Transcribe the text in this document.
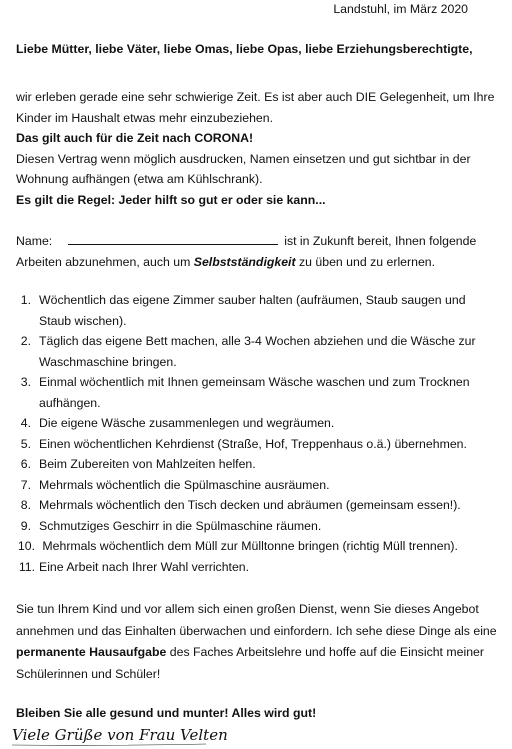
Landstuhl, im März 2020
Liebe Mütter, liebe Väter, liebe Omas, liebe Opas, liebe Erziehungsberechtigte,
wir erleben gerade eine sehr schwierige Zeit. Es ist aber auch DIE Gelegenheit, um Ihre
Kinder im Haushalt etwas mehr einzubeziehen.
Das gilt auch für die Zeit nach CORONA!
Diesen Vertrag wenn möglich ausdrucken, Namen einsetzen und gut sichtbar in der
Wohnung aufhängen (etwa am Kühlschrank).
Es gilt die Regel: Jeder hilft so gut er oder sie kann...
Name:	ist in Zukunft bereit, Ihnen folgende
Arbeiten abzunehmen, auch um Selbstständigkeit zu üben und zu erlernen.
1. Wöchentlich das eigene Zimmer sauber halten (aufräumen, Staub saugen und
Staub wischen).
2. Täglich das eigene Bett machen, alle 3-4 Wochen abziehen und die Wäsche zur
Waschmaschine bringen.
3. Einmal wöchentlich mit Ihnen gemeinsam Wäsche waschen und zum Trocknen
aufhängen.
4. Die eigene Wäsche zusammenlegen und wegräumen.
5. Einen wöchentlichen Kehrdienst (Straße, Hof, Treppenhaus o.ä.) übernehmen.
6. Beim Zubereiten von Mahlzeiten helfen.
7. Mehrmals wöchentlich die Spülmaschine ausräumen.
8. Mehrmals wöchentlich den Tisch decken und abräumen (gemeinsam essen!).
9. Schmutziges Geschirr in die Spülmaschine räumen.
10. Mehrmals wöchentlich dem Müll zur Mülltonne bringen (richtig Müll trennen).
11. Eine Arbeit nach Ihrer Wahl verrichten.
Sie tun Ihrem Kind und vor allem sich einen großen Dienst, wenn Sie dieses Angebot
annehmen und das Einhalten überwachen und einfordern. Ich sehe diese Dinge als eine
permanente Hausaufgabe des Faches Arbeitslehre und hoffe auf die Einsicht meiner
Schülerinnen und Schüler!
Bleiben Sie alle gesund und munter! Alles wird gut!
Viele Grüße von Frau Velten
